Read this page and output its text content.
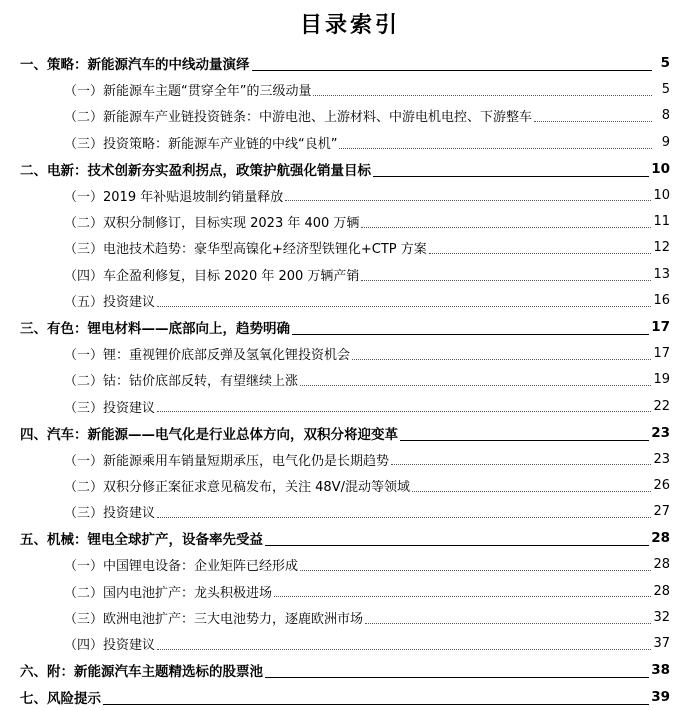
目录索引
一、策略：新能源汽车的中线动量演绎	5
（一）新能源车主题“贯穿全年”的三级动量	5
（二）新能源车产业链投资链条：中游电池、上游材料、中游电机电控、下游整车	8
（三）投资策略：新能源车产业链的中线“良机”	9
二、电新：技术创新夯实盈利拐点，政策护航强化销量目标	10
（一）2019 年补贴退坡制约销量释放	10
（二）双积分制修订，目标实现 2023 年 400 万辆	11
（三）电池技术趋势：豪华型高镍化+经济型铁锂化+CTP 方案	12
（四）车企盈利修复，目标 2020 年 200 万辆产销	13
（五）投资建议	16
三、有色：锂电材料——底部向上，趋势明确	17
（一）锂：重视锂价底部反弹及氢氧化锂投资机会	17
（二）钴：钴价底部反转，有望继续上涨	19
（三）投资建议	22
四、汽车：新能源——电气化是行业总体方向，双积分将迎变革	23
（一）新能源乘用车销量短期承压，电气化仍是长期趋势	23
（二）双积分修正案征求意见稿发布，关注 48V/混动等领域	26
（三）投资建议	27
五、机械：锂电全球扩产，设备率先受益	28
（一）中国锂电设备：企业矩阵已经形成	28
（二）国内电池扩产：龙头积极进场	28
（三）欧洲电池扩产：三大电池势力，逐鹿欧洲市场	32
（四）投资建议	37
六、附：新能源汽车主题精选标的股票池	38
七、风险提示	39
